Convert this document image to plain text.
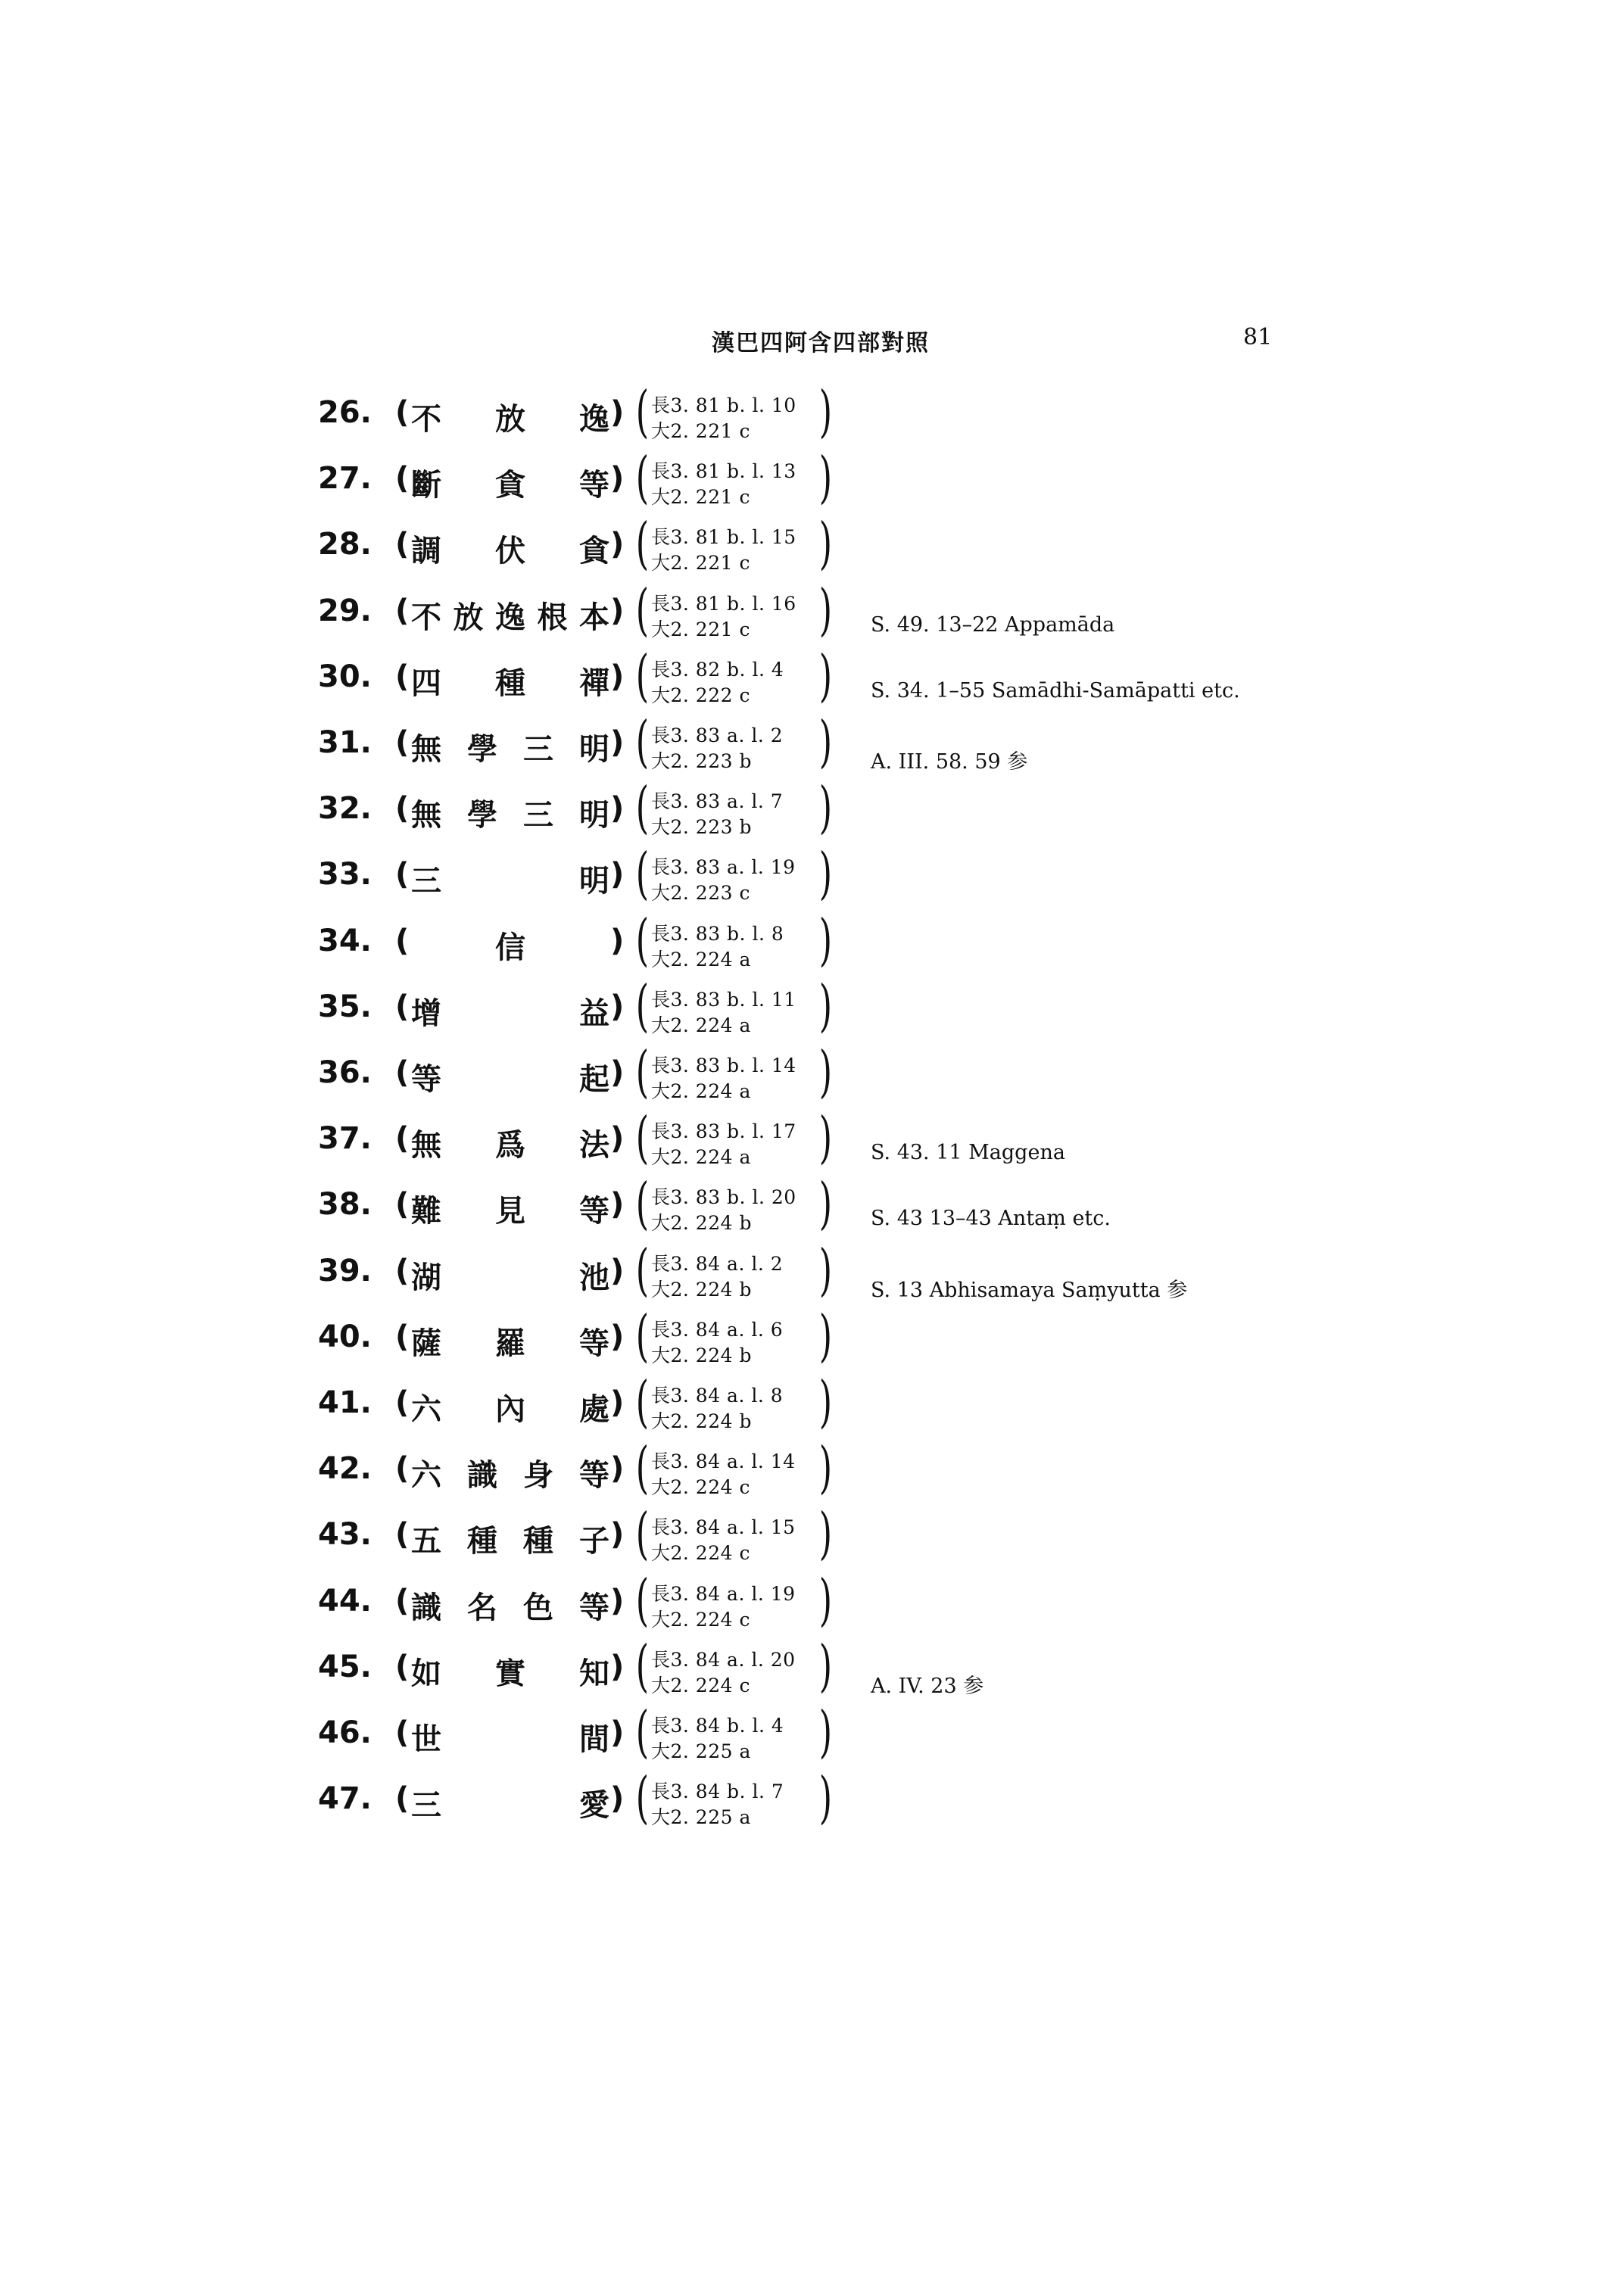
漢巴四阿含四部對照	81
26. ( 不 放 逸 ) ( 長3. 81 b. l. 10
大2. 221 c )
27. ( 斷 貪 等 ) ( 長3. 81 b. l. 13
大2. 221 c )
28. ( 調 伏 貪 ) ( 長3. 81 b. l. 15
大2. 221 c )
29. ( 不 放 逸 根 本 ) ( 長3. 81 b. l. 16
大2. 221 c ) S. 49. 13–22 Appamāda
30. ( 四 種 禪 ) ( 長3. 82 b. l. 4
大2. 222 c ) S. 34. 1–55 Samādhi-Samāpatti etc.
31. ( 無 學 三 明 ) ( 長3. 83 a. l. 2
大2. 223 b ) A. III. 58. 59 参
32. ( 無 學 三 明 ) ( 長3. 83 a. l. 7
大2. 223 b )
33. ( 三	明 ) ( 長3. 83 a. l. 19
大2. 223 c )
34. (	信	) ( 長3. 83 b. l. 8
大2. 224 a )
35. ( 增	益 ) ( 長3. 83 b. l. 11
大2. 224 a )
36. ( 等	起 ) ( 長3. 83 b. l. 14
大2. 224 a )
37. ( 無 爲 法 ) ( 長3. 83 b. l. 17
大2. 224 a ) S. 43. 11 Maggena
38. ( 難 見 等 ) ( 長3. 83 b. l. 20
大2. 224 b ) S. 43 13–43 Antaṃ etc.
39. ( 湖	池 ) ( 長3. 84 a. l. 2
大2. 224 b ) S. 13 Abhisamaya Saṃyutta 参
40. ( 薩 羅 等 ) ( 長3. 84 a. l. 6
大2. 224 b )
41. ( 六 內 處 ) ( 長3. 84 a. l. 8
大2. 224 b )
42. ( 六 識 身 等 ) ( 長3. 84 a. l. 14
大2. 224 c )
43. ( 五 種 種 子 ) ( 長3. 84 a. l. 15
大2. 224 c )
44. ( 識 名 色 等 ) ( 長3. 84 a. l. 19
大2. 224 c )
45. ( 如 實 知 ) ( 長3. 84 a. l. 20
大2. 224 c ) A. IV. 23 参
46. ( 世	間 ) ( 長3. 84 b. l. 4
大2. 225 a )
47. ( 三	愛 ) ( 長3. 84 b. l. 7
大2. 225 a )
